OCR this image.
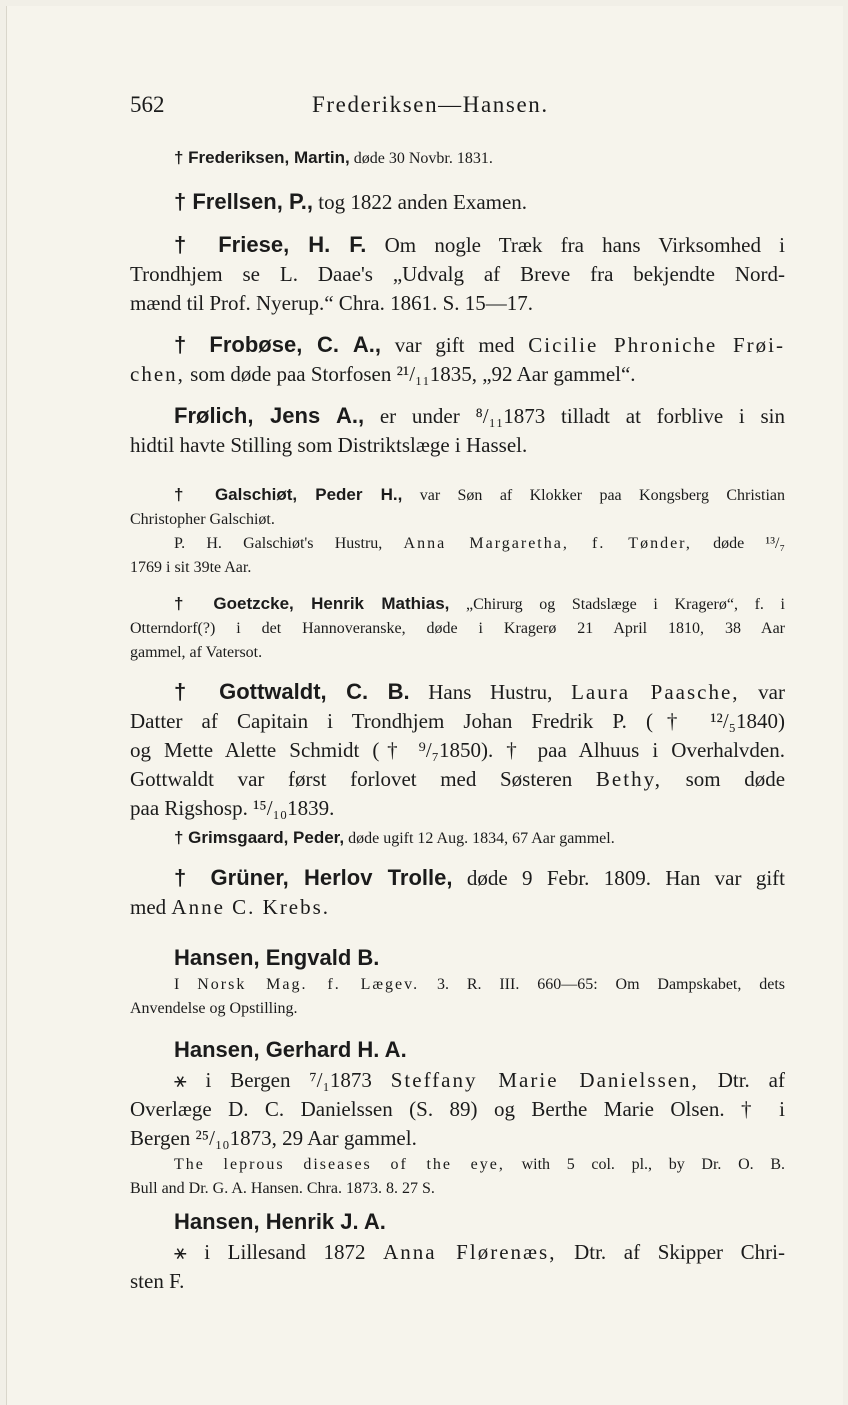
562	Frederiksen—Hansen.
† Frederiksen, Martin, døde 30 Novbr. 1831.
† Frellsen, P., tog 1822 anden Examen.
† Friese, H. F. Om nogle Træk fra hans Virksomhed i
Trondhjem se L. Daae's „Udvalg af Breve fra bekjendte Nord-
mænd til Prof. Nyerup.“ Chra. 1861. S. 15—17.
† Frobøse, C. A., var gift med Cicilie Phroniche Frøi-
chen, som døde paa Storfosen ²¹/₁₁1835, „92 Aar gammel“.
Frølich, Jens A., er under ⁸/₁₁1873 tilladt at forblive i sin
hidtil havte Stilling som Distriktslæge i Hassel.
† Galschiøt, Peder H., var Søn af Klokker paa Kongsberg Christian
Christopher Galschiøt.
P. H. Galschiøt's Hustru, Anna Margaretha, f. Tønder, døde ¹³/₇
1769 i sit 39te Aar.
† Goetzcke, Henrik Mathias, „Chirurg og Stadslæge i Kragerø“, f. i
Otterndorf(?) i det Hannoveranske, døde i Kragerø 21 April 1810, 38 Aar
gammel, af Vatersot.
† Gottwaldt, C. B. Hans Hustru, Laura Paasche, var
Datter af Capitain i Trondhjem Johan Fredrik P. († ¹²/₅1840)
og Mette Alette Schmidt († ⁹/₇1850). † paa Alhuus i Overhalvden.
Gottwaldt var først forlovet med Søsteren Bethy, som døde
paa Rigshosp. ¹⁵/₁₀1839.
† Grimsgaard, Peder, døde ugift 12 Aug. 1834, 67 Aar gammel.
† Grüner, Herlov Trolle, døde 9 Febr. 1809. Han var gift
med Anne C. Krebs.
Hansen, Engvald B.
I Norsk Mag. f. Lægev. 3. R. III. 660—65: Om Dampskabet, dets
Anvendelse og Opstilling.
Hansen, Gerhard H. A.
⚹ i Bergen ⁷/₁1873 Steffany Marie Danielssen, Dtr. af
Overlæge D. C. Danielssen (S. 89) og Berthe Marie Olsen. † i
Bergen ²⁵/₁₀1873, 29 Aar gammel.
The leprous diseases of the eye, with 5 col. pl., by Dr. O. B.
Bull and Dr. G. A. Hansen. Chra. 1873. 8. 27 S.
Hansen, Henrik J. A.
⚹ i Lillesand 1872 Anna Flørenæs, Dtr. af Skipper Chri-
sten F.
